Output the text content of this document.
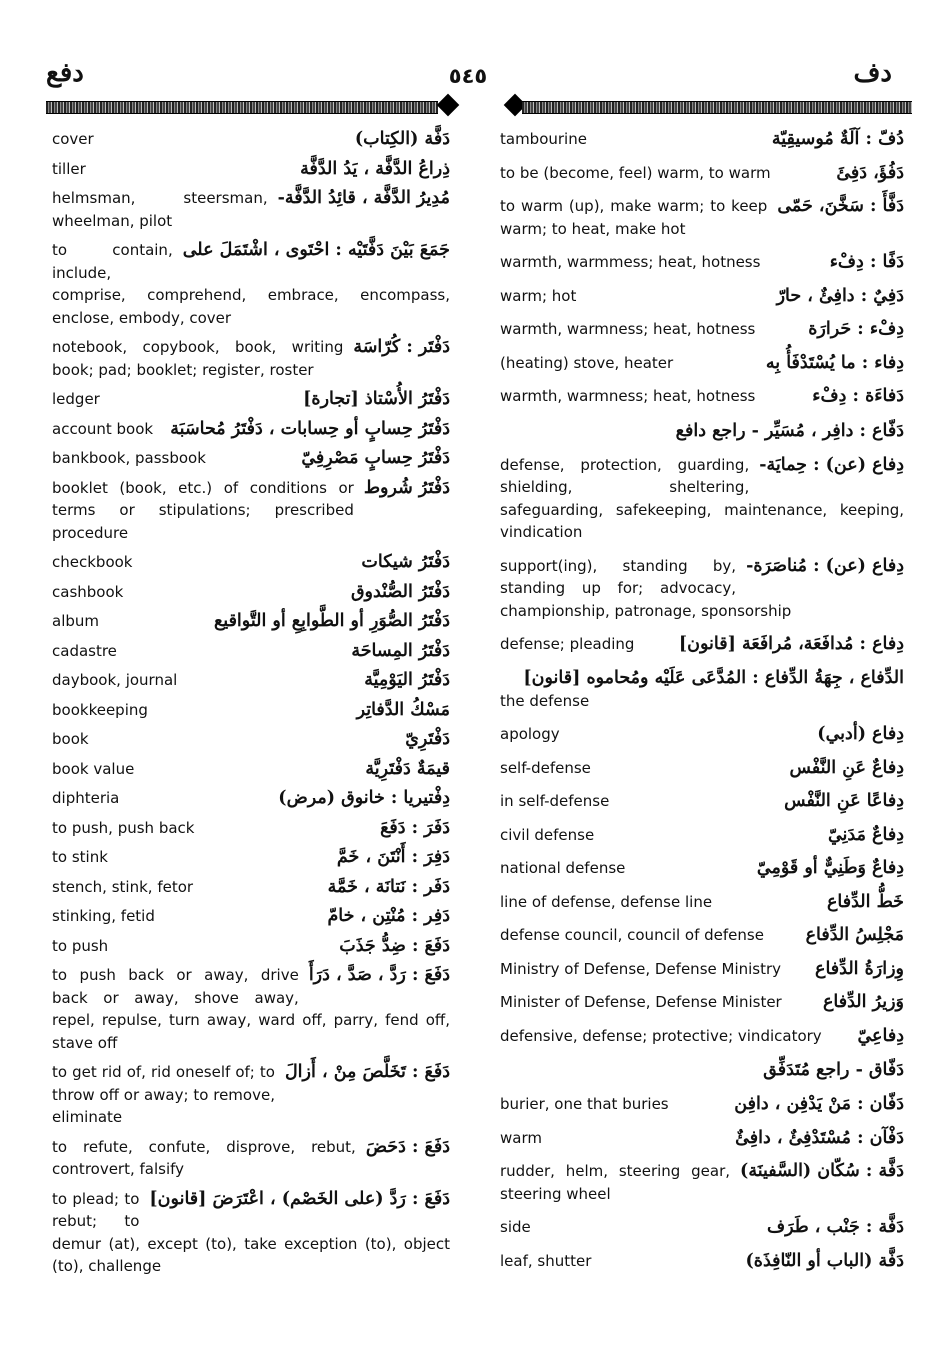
دفع	٥٤٥	دف
دَفَّة (الكِتاب)
cover
ذِراعُ الدَّفَّة ، يَدُ الدَّفَّة
tiller
مُدِيرُ الدَّفَّة ، قائِدُ الدَّفَّة-
helmsman, steersman, wheelman, pilot
جَمَعَ بَيْنَ دَفَّتَيْه : احْتَوى ، اشْتَمَلَ على
to contain, include, comprise, comprehend, embrace, encompass, enclose, embody, cover
دَفْتَر : كُرّاسَة
notebook, copybook, book, writing book; pad; booklet; register, roster
دَفْتَرُ الأُسْتاذ [تجارة]
ledger
دَفْتَرُ حِسابٍ أو حِسابات ، دَفْتَرُ مُحاسَبَة
account book
دَفْتَرُ حِسابٍ مَصْرِفِيّ
bankbook, passbook
دَفْتَرُ شُروط
booklet (book, etc.) of conditions or terms or stipulations; prescribed procedure
دَفْتَرُ شيكات
checkbook
دَفْتَرُ الصُّنْدوق
cashbook
دَفْتَرُ الصُّوَرِ أو الطَّوابِعِ أو التَّواقيع
album
دَفْتَرُ المِساحَة
cadastre
دَفْتَرُ اليَوْمِيَّة
daybook, journal
مَسْكُ الدَّفاتِر
bookkeeping
دَفْتَرِيّ
book
قيمَةٌ دَفْتَرِيَّة
book value
دِفْتيريا : خانوق (مرض)
diphteria
دَفَرَ : دَفَعَ
to push, push back
دَفِرَ : أَنْتَنَ ، خَمَّ
to stink
دَفَر : نَتانَة ، خَمَّة
stench, stink, fetor
دَفِر : مُنْتِن ، خامّ
stinking, fetid
دَفَعَ : ضِدُّ جَذَبَ
to push
دَفَعَ : رَدَّ ، صَدَّ ، دَرَأَ
to push back or away, drive back or away, shove away, repel, repulse, turn away, ward off, parry, fend off, stave off
دَفَعَ : تَخَلَّصَ مِنْ ، أَزالَ
to get rid of, rid oneself of; to throw off or away; to remove, eliminate
دَفَعَ : دَحَضَ
to refute, confute, disprove, rebut, controvert, falsify
دَفَعَ : رَدَّ (على الخَصْم) ، اعْتَرَضَ [قانون]
to plead; to rebut; to demur (at), except (to), take exception (to), object (to), challenge
دُفّ : آلَةٌ مُوسيقِيّة
tambourine
دَفُؤَ، دَفِئَ
to be (become, feel) warm, to warm
دَفَّأَ : سَخَّنَ، حَمّى
to warm (up), make warm; to keep warm; to heat, make hot
دَفًا : دِفْء
warmth, warmmess; heat, hotness
دَفِيٌ : دافِئٌ ، حارّ
warm; hot
دِفْء : حَرارَة
warmth, warmness; heat, hotness
دِفاء : ما يُسْتَدْفَأُ بِه
(heating) stove, heater
دَفاءَة : دِفْء
warmth, warmness; heat, hotness
دَفّاع : دافِر ، مُسَيِّر - راجع دافع
دِفاع (عن) : حِمايَة-
defense, protection, guarding, shielding, sheltering, safeguarding, safekeeping, maintenance, keeping, vindication
دِفاع (عن) : مُناصَرَة-
support(ing), standing by, standing up for; advocacy, championship, patronage, sponsorship
دِفاع : مُدافَعَة، مُرافَعَة [قانون]
defense; pleading
الدِّفاع ، جِهَةُ الدِّفاع : المُدَّعَى عَلَيْه ومُحاموه [قانون]
the defense
دِفاع (أدبي)
apology
دِفاعٌ عَنِ النَّفْس
self-defense
دِفاعًا عَنِ النَّفْس
in self-defense
دِفاعٌ مَدَنِيّ
civil defense
دِفاعٌ وَطَنِيٌّ أو قَوْمِيّ
national defense
خَطُّ الدِّفاع
line of defense, defense line
مَجْلِسُ الدِّفاع
defense council, council of defense
وِزارَةُ الدِّفاع
Ministry of Defense, Defense Ministry
وَزيرُ الدِّفاع
Minister of Defense, Defense Minister
دِفاعِيّ
defensive, defense; protective; vindicatory
دَفّاق - راجع مُتَدَفِّق
دَفّان : مَنْ يَدْفِن ، دافِن
burier, one that buries
دَفْآن : مُسْتَدْفِئٌ ، دافِئٌ
warm
دَفَّة : سُكّان (السَّفينَة)
rudder, helm, steering gear, steering wheel
دَفَّة : جَنْب ، طَرَف
side
دَفَّة (الباب أو النّافِذَة)
leaf, shutter
